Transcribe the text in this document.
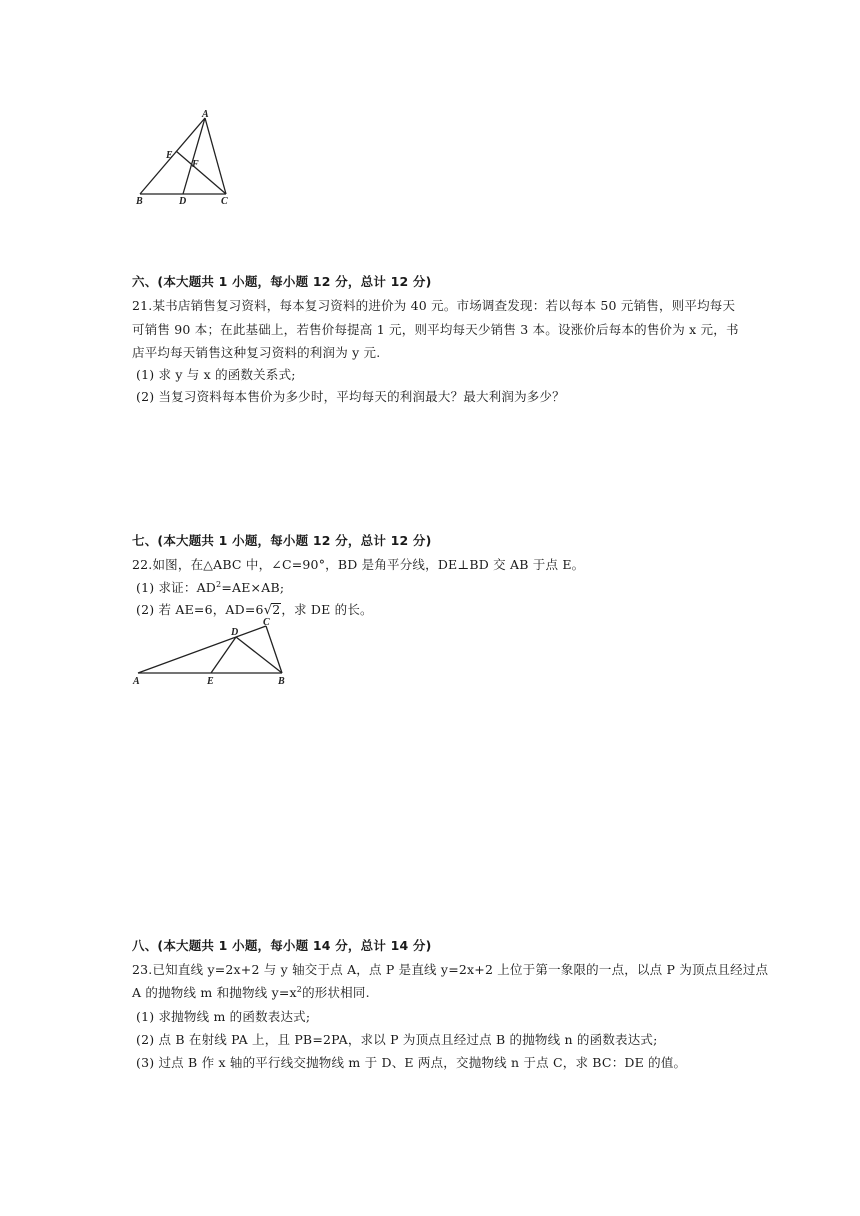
A
E
F
B	D	C
六、(本大题共 1 小题，每小题 12 分，总计 12 分)
21.某书店销售复习资料，每本复习资料的进价为 40 元。市场调查发现：若以每本 50 元销售，则平均每天
可销售 90 本；在此基础上，若售价每提高 1 元，则平均每天少销售 3 本。设涨价后每本的售价为 x 元，书
店平均每天销售这种复习资料的利润为 y 元.
(1) 求 y 与 x 的函数关系式;
(2) 当复习资料每本售价为多少时，平均每天的利润最大？最大利润为多少？
七、(本大题共 1 小题，每小题 12 分，总计 12 分)
22.如图，在△ABC 中，∠C=90°，BD 是角平分线，DE⊥BD 交 AB 于点 E。
(1) 求证：$AD^2=AE\times AB$;
(2) 若 AE=6，AD=6√2，求 DE 的长。
D
C
A	E	B
八、(本大题共 1 小题，每小题 14 分，总计 14 分)
23.已知直线 y=2x+2 与 y 轴交于点 A，点 P 是直线 y=2x+2 上位于第一象限的一点，以点 P 为顶点且经过点
A 的抛物线 m 和抛物线 $y=x^2$的形状相同.
(1) 求抛物线 m 的函数表达式;
(2) 点 B 在射线 PA 上，且 PB=2PA，求以 P 为顶点且经过点 B 的抛物线 n 的函数表达式;
(3) 过点 B 作 x 轴的平行线交抛物线 m 于 D、E 两点，交抛物线 n 于点 C，求 BC：DE 的值。
